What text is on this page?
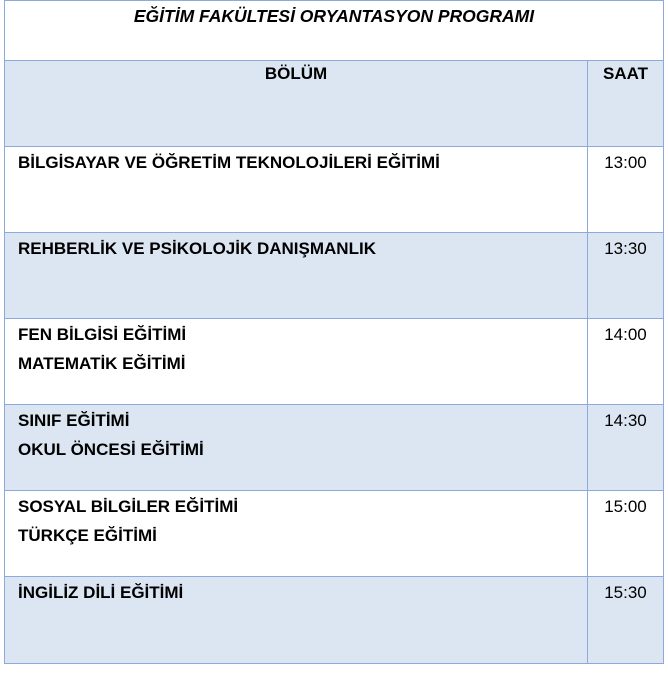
EĞİTİM FAKÜLTESİ ORYANTASYON PROGRAMI	

BÖLÜM	SAAT

BİLGİSAYAR VE ÖĞRETİM TEKNOLOJİLERİ EĞİTİMİ	13:00

REHBERLİK VE PSİKOLOJİK DANIŞMANLIK	13:30

FEN BİLGİSİ EĞİTİMİ
MATEMATİK EĞİTİMİ	14:00

SINIF EĞİTİMİ
OKUL ÖNCESİ EĞİTİMİ	14:30

SOSYAL BİLGİLER EĞİTİMİ
TÜRKÇE EĞİTİMİ	15:00

İNGİLİZ DİLİ EĞİTİMİ	15:30
